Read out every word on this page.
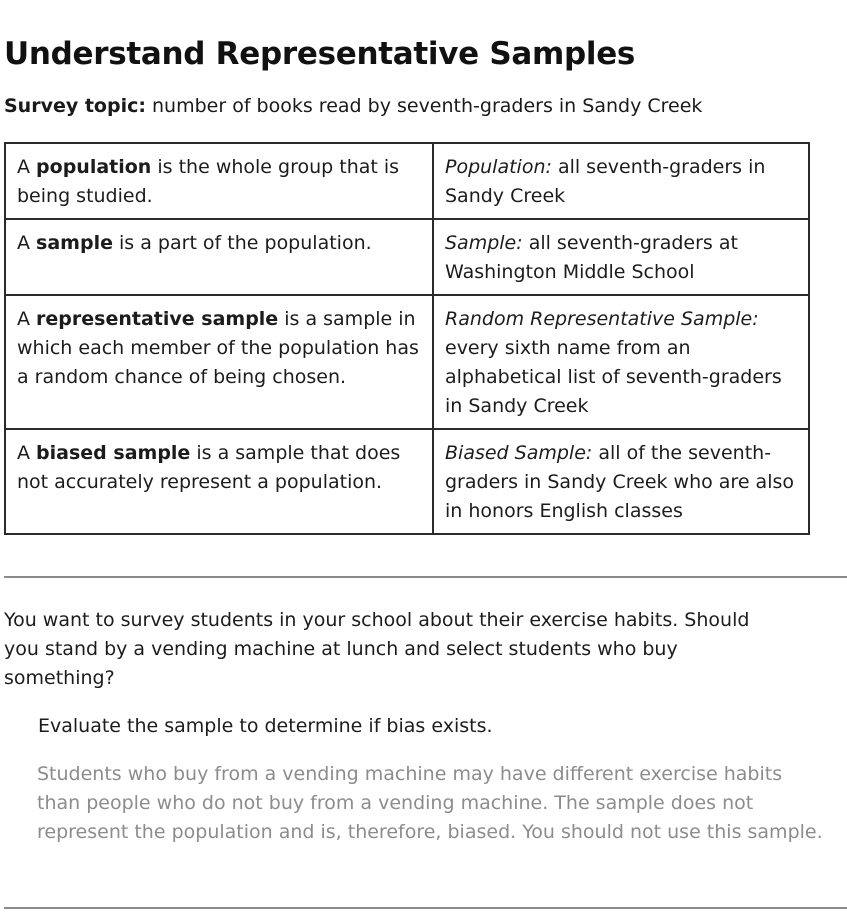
Understand Representative Samples
Survey topic: number of books read by seventh-graders in Sandy Creek
A population is the whole group that is being studied.	Population: all seventh-graders in Sandy Creek
A sample is a part of the population.	Sample: all seventh-graders at Washington Middle School
A representative sample is a sample in which each member of the population has a random chance of being chosen.	Random Representative Sample: every sixth name from an alphabetical list of seventh-graders in Sandy Creek
A biased sample is a sample that does not accurately represent a population.	Biased Sample: all of the seventh-graders in Sandy Creek who are also in honors English classes

You want to survey students in your school about their exercise habits. Should you stand by a vending machine at lunch and select students who buy something?

Evaluate the sample to determine if bias exists.

Students who buy from a vending machine may have different exercise habits than people who do not buy from a vending machine. The sample does not represent the population and is, therefore, biased. You should not use this sample.
